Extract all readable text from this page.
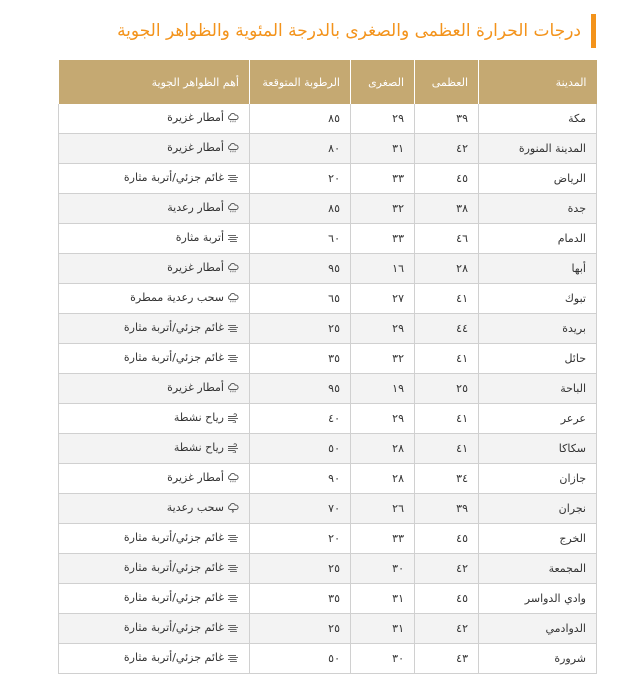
درجات الحرارة العظمى والصغرى بالدرجة المئوية والظواهر الجوية
المدينة	العظمى	الصغرى	الرطوبة المتوقعة	أهم الظواهر الجوية
مكة	٣٩	٢٩	٨٥	أمطار غزيرة

المدينة المنورة	٤٢	٣١	٨٠	أمطار غزيرة

الرياض	٤٥	٣٣	٢٠	غائم جزئي/أتربة مثارة

جدة	٣٨	٣٢	٨٥	أمطار رعدية

الدمام	٤٦	٣٣	٦٠	أتربة مثارة

أبها	٢٨	١٦	٩٥	أمطار غزيرة

تبوك	٤١	٢٧	٦٥	سحب رعدية ممطرة

بريدة	٤٤	٢٩	٢٥	غائم جزئي/أتربة مثارة

حائل	٤١	٣٢	٣٥	غائم جزئي/أتربة مثارة

الباحة	٢٥	١٩	٩٥	أمطار غزيرة

عرعر	٤١	٢٩	٤٠	رياح نشطة

سكاكا	٤١	٢٨	٥٠	رياح نشطة

جازان	٣٤	٢٨	٩٠	أمطار غزيرة

نجران	٣٩	٢٦	٧٠	سحب رعدية

الخرج	٤٥	٣٣	٢٠	غائم جزئي/أتربة مثارة

المجمعة	٤٢	٣٠	٢٥	غائم جزئي/أتربة مثارة

وادي الدواسر	٤٥	٣١	٣٥	غائم جزئي/أتربة مثارة

الدوادمي	٤٢	٣١	٢٥	غائم جزئي/أتربة مثارة

شرورة	٤٣	٣٠	٥٠	غائم جزئي/أتربة مثارة
